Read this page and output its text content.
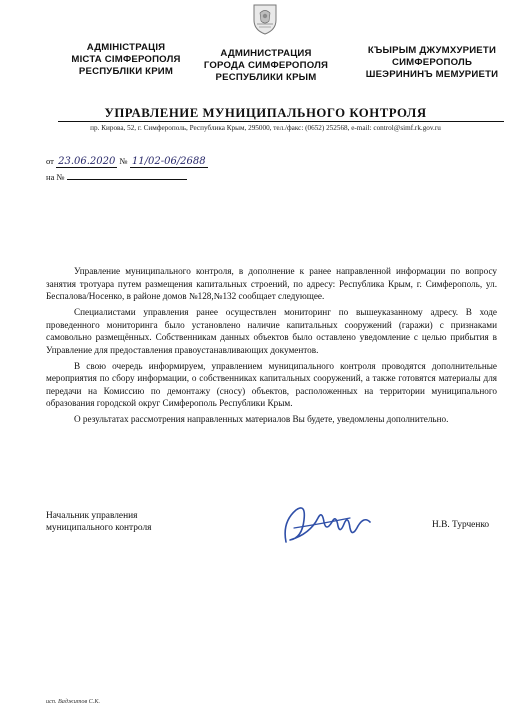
АДМІНІСТРАЦІЯ
МІСТА СІМФЕРОПОЛЯ
РЕСПУБЛІКИ КРИМ
АДМИНИСТРАЦИЯ
ГОРОДА СИМФЕРОПОЛЯ
РЕСПУБЛИКИ КРЫМ
КЪЫРЫМ ДЖУМХУРИЕТИ
СИМФЕРОПОЛЬ
ШЕЭРИНИНЪ МЕМУРИЕТИ
УПРАВЛЕНИЕ МУНИЦИПАЛЬНОГО КОНТРОЛЯ
пр. Кирова, 52, г. Симферополь, Республика Крым, 295000, тел./факс: (0652) 252568, e-mail: control@simf.rk.gov.ru
от 23.06.2020 № 11/02-06/2688
на №

Управление муниципального контроля, в дополнение к ранее направленной информации по вопросу занятия тротуара путем размещения капитальных строений, по адресу: Республика Крым, г. Симферополь, ул. Беспалова/Носенко, в районе домов №128,№132 сообщает следующее.

Специалистами управления ранее осуществлен мониторинг по вышеуказанному адресу. В ходе проведенного мониторинга было установлено наличие капитальных сооружений (гаражи) с признаками самовольно размещённых. Собственникам данных объектов было оставлено уведомление с целью прибытия в Управление для предоставления правоустанавливающих документов.

В свою очередь информируем, управлением муниципального контроля проводятся дополнительные мероприятия по сбору информации, о собственниках капитальных сооружений, а также готовятся материалы для передачи на Комиссию по демонтажу (сносу) объектов, расположенных на территории муниципального образования городской округ Симферополь Республики Крым.

О результатах рассмотрения направленных материалов Вы будете, уведомлены дополнительно.

Начальник управления
муниципального контроля	Н.В. Турченко
исп. Ваджитов С.К.
